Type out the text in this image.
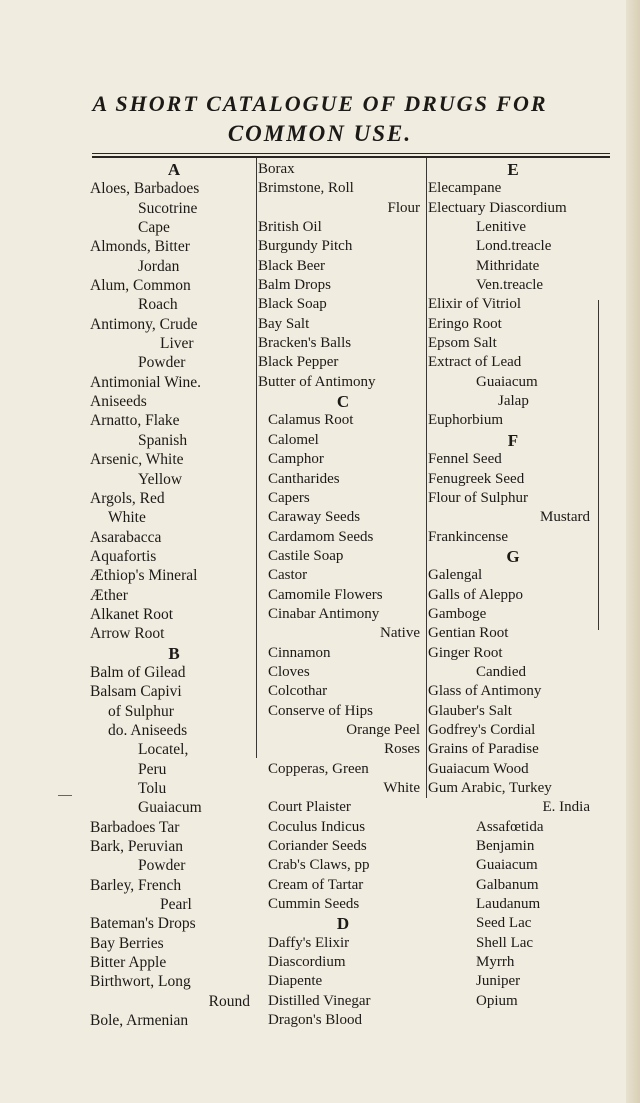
A SHORT CATALOGUE OF DRUGS FOR
COMMON USE.
A
Aloes, Barbadoes
Sucotrine
Cape
Almonds, Bitter
Jordan
Alum, Common
Roach
Antimony, Crude
Liver
Powder
Antimonial Wine.
Aniseeds
Arnatto, Flake
Spanish
Arsenic, White
Yellow
Argols, Red
White
Asarabacca
Aquafortis
Æthiop's Mineral
Æther
Alkanet Root
Arrow Root
B
Balm of Gilead
Balsam Capivi
of Sulphur
do. Aniseeds
Locatel,
Peru
Tolu
Guaiacum
Barbadoes Tar
Bark, Peruvian
Powder
Barley, French
Pearl
Bateman's Drops
Bay Berries
Bitter Apple
Birthwort, Long
Round
Bole, Armenian
Borax
Brimstone, Roll
Flour
British Oil
Burgundy Pitch
Black Beer
Balm Drops
Black Soap
Bay Salt
Bracken's Balls
Black Pepper
Butter of Antimony
C
Calamus Root
Calomel
Camphor
Cantharides
Capers
Caraway Seeds
Cardamom Seeds
Castile Soap
Castor
Camomile Flowers
Cinabar Antimony
Native
Cinnamon
Cloves
Colcothar
Conserve of Hips
Orange Peel
Roses
Copperas, Green
White
Court Plaister
Coculus Indicus
Coriander Seeds
Crab's Claws, pp
Cream of Tartar
Cummin Seeds
D
Daffy's Elixir
Diascordium
Diapente
Distilled Vinegar
Dragon's Blood
E
Elecampane
Electuary Diascordium
Lenitive
Lond.treacle
Mithridate
Ven.treacle
Elixir of Vitriol
Eringo Root
Epsom Salt
Extract of Lead
Guaiacum
Jalap
Euphorbium
F
Fennel Seed
Fenugreek Seed
Flour of Sulphur
Mustard
Frankincense
G
Galengal
Galls of Aleppo
Gamboge
Gentian Root
Ginger Root
Candied
Glass of Antimony
Glauber's Salt
Godfrey's Cordial
Grains of Paradise
Guaiacum Wood
Gum Arabic, Turkey
E. India
Assafœtida
Benjamin
Guaiacum
Galbanum
Laudanum
Seed Lac
Shell Lac
Myrrh
Juniper
Opium
